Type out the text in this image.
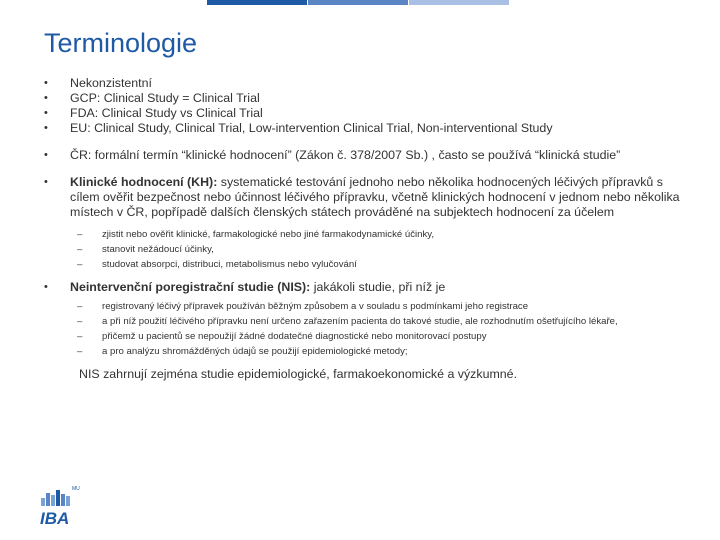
Terminologie
• Nekonzistentní
• GCP: Clinical Study = Clinical Trial
• FDA: Clinical Study vs Clinical Trial
• EU: Clinical Study, Clinical Trial, Low-intervention Clinical Trial, Non-interventional Study
• ČR: formální termín “klinické hodnocení” (Zákon č. 378/2007 Sb.) , často se používá “klinická studie”
• Klinické hodnocení (KH): systematické testování jednoho nebo několika hodnocených léčivých přípravků s cílem ověřit bezpečnost nebo účinnost léčivého přípravku, včetně klinických hodnocení v jednom nebo několika místech v ČR, popřípadě dalších členských státech prováděné na subjektech hodnocení za účelem
– zjistit nebo ověřit klinické, farmakologické nebo jiné farmakodynamické účinky,
– stanovit nežádoucí účinky,
– studovat absorpci, distribuci, metabolismus nebo vylučování
• Neintervenční poregistrační studie (NIS): jakákoli studie, při níž je
– registrovaný léčivý přípravek používán běžným způsobem a v souladu s podmínkami jeho registrace
– a při níž použití léčivého přípravku není určeno zařazením pacienta do takové studie, ale rozhodnutím ošetřujícího lékaře,
– přičemž u pacientů se nepoužijí žádné dodatečné diagnostické nebo monitorovací postupy
– a pro analýzu shromážděných údajů se použijí epidemiologické metody;
NIS zahrnují zejména studie epidemiologické, farmakoekonomické a výzkumné.
MU
IBA
